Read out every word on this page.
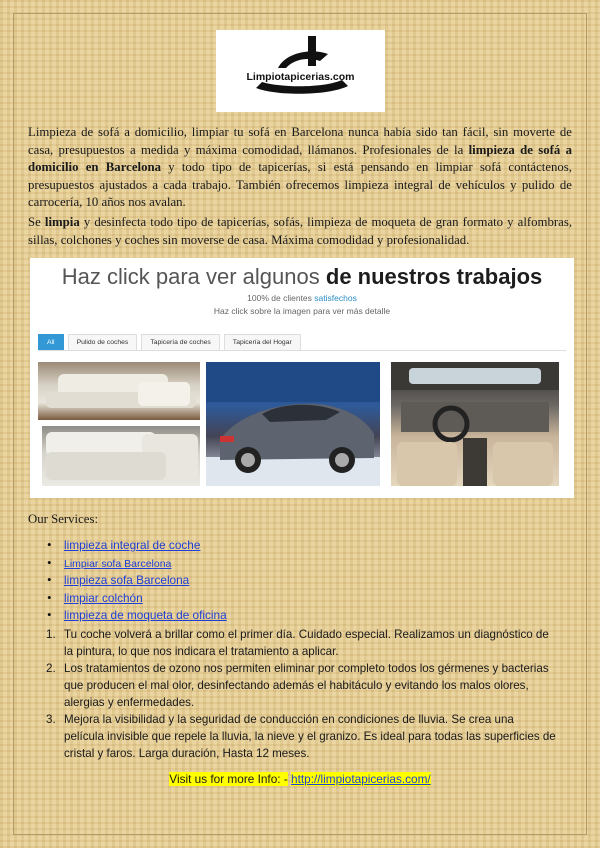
Limpiotapicerias.com

Limpieza de sofá a domicilio, limpiar tu sofá en Barcelona nunca había sido tan fácil, sin moverte de casa, presupuestos a medida y máxima comodidad, llámanos. Profesionales de la limpieza de sofá a domicilio en Barcelona y todo tipo de tapicerías, si está pensando en limpiar sofá contáctenos, presupuestos ajustados a cada trabajo. También ofrecemos limpieza integral de vehículos y pulido de carrocería, 10 años nos avalan.

Se limpia y desinfecta todo tipo de tapicerías, sofás, limpieza de moqueta de gran formato y alfombras, sillas, colchones y coches sin moverse de casa. Máxima comodidad y profesionalidad.

Haz click para ver algunos de nuestros trabajos
100% de clientes satisfechos
Haz click sobre la imagen para ver más detalle
All	Pulido de coches	Tapicería de coches	Tapicería del Hogar

Our Services:

• limpieza integral de coche
• Limpiar sofa Barcelona
• limpieza sofa Barcelona
• limpiar colchón
• limpieza de moqueta de oficina
1. Tu coche volverá a brillar como el primer día. Cuidado especial. Realizamos un diagnóstico de la pintura, lo que nos indicara el tratamiento a aplicar.
2. Los tratamientos de ozono nos permiten eliminar por completo todos los gérmenes y bacterias que producen el mal olor, desinfectando además el habitáculo y evitando los malos olores, alergias y enfermedades.
3. Mejora la visibilidad y la seguridad de conducción en condiciones de lluvia. Se crea una película invisible que repele la lluvia, la nieve y el granizo. Es ideal para todas las superficies de cristal y faros. Larga duración, Hasta 12 meses.
Visit us for more Info: - http://limpiotapicerias.com/
